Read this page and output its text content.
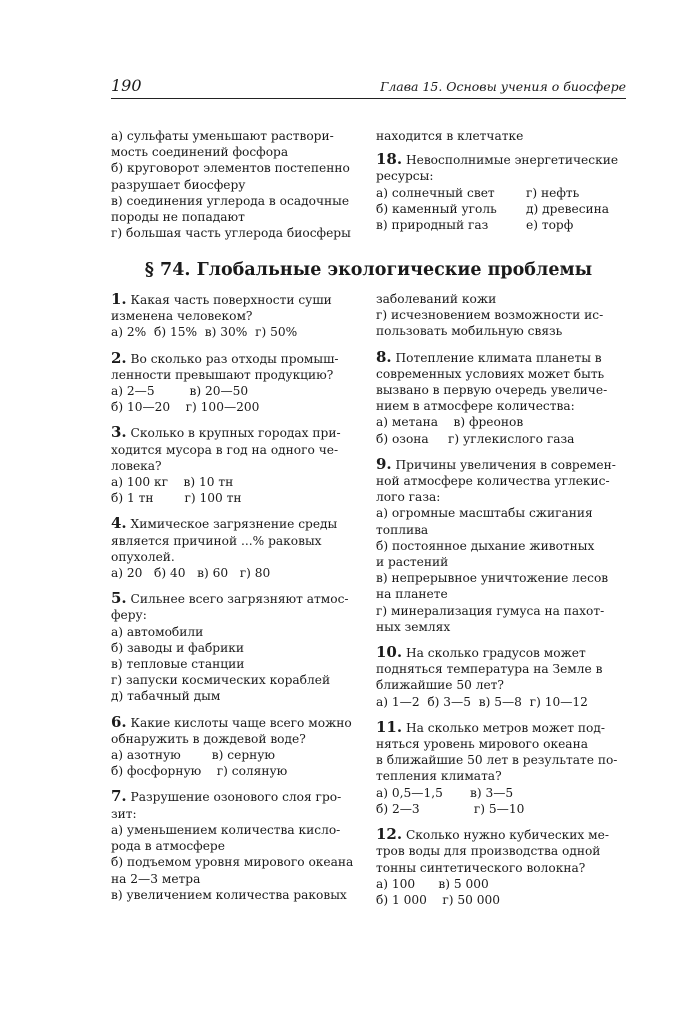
190	Глава 15. Основы учения о биосфере
а) сульфаты уменьшают раствори-
мость соединений фосфора
б) круговорот элементов постепенно
разрушает биосферу
в) соединения углерода в осадочные
породы не попадают
г) большая часть углерода биосферы
находится в клетчатке
18. Невосполнимые энергетические
ресурсы:
а) солнечный свет	г) нефть
б) каменный уголь д) древесина
в) природный газ	е) торф
§ 74. Глобальные экологические проблемы
1. Какая часть поверхности суши
изменена человеком?
а) 2%  б) 15%  в) 30%  г) 50%
2. Во сколько раз отходы промыш-
ленности превышают продукцию?
а) 2—5         в) 20—50
б) 10—20    г) 100—200
3. Сколько в крупных городах при-
ходится мусора в год на одного че-
ловека?
а) 100 кг    в) 10 тн
б) 1 тн        г) 100 тн
4. Химическое загрязнение среды
является причиной ...% раковых
опухолей.
а) 20   б) 40   в) 60   г) 80
5. Сильнее всего загрязняют атмос-
феру:
а) автомобили
б) заводы и фабрики
в) тепловые станции
г) запуски космических кораблей
д) табачный дым
6. Какие кислоты чаще всего можно
обнаружить в дождевой воде?
а) азотную        в) серную
б) фосфорную    г) соляную
7. Разрушение озонового слоя гро-
зит:
а) уменьшением количества кисло-
рода в атмосфере
б) подъемом уровня мирового океана
на 2—3 метра
в) увеличением количества раковых
заболеваний кожи
г) исчезновением возможности ис-
пользовать мобильную связь
8. Потепление климата планеты в
современных условиях может быть
вызвано в первую очередь увеличе-
нием в атмосфере количества:
а) метана    в) фреонов
б) озона     г) углекислого газа
9. Причины увеличения в современ-
ной атмосфере количества углекис-
лого газа:
а) огромные масштабы сжигания
топлива
б) постоянное дыхание животных
и растений
в) непрерывное уничтожение лесов
на планете
г) минерализация гумуса на пахот-
ных землях
10. На сколько градусов может
подняться температура на Земле в
ближайшие 50 лет?
а) 1—2  б) 3—5  в) 5—8  г) 10—12
11. На сколько метров может под-
няться уровень мирового океана
в ближайшие 50 лет в результате по-
тепления климата?
а) 0,5—1,5       в) 3—5
б) 2—3              г) 5—10
12. Сколько нужно кубических ме-
тров воды для производства одной
тонны синтетического волокна?
а) 100      в) 5 000
б) 1 000    г) 50 000
